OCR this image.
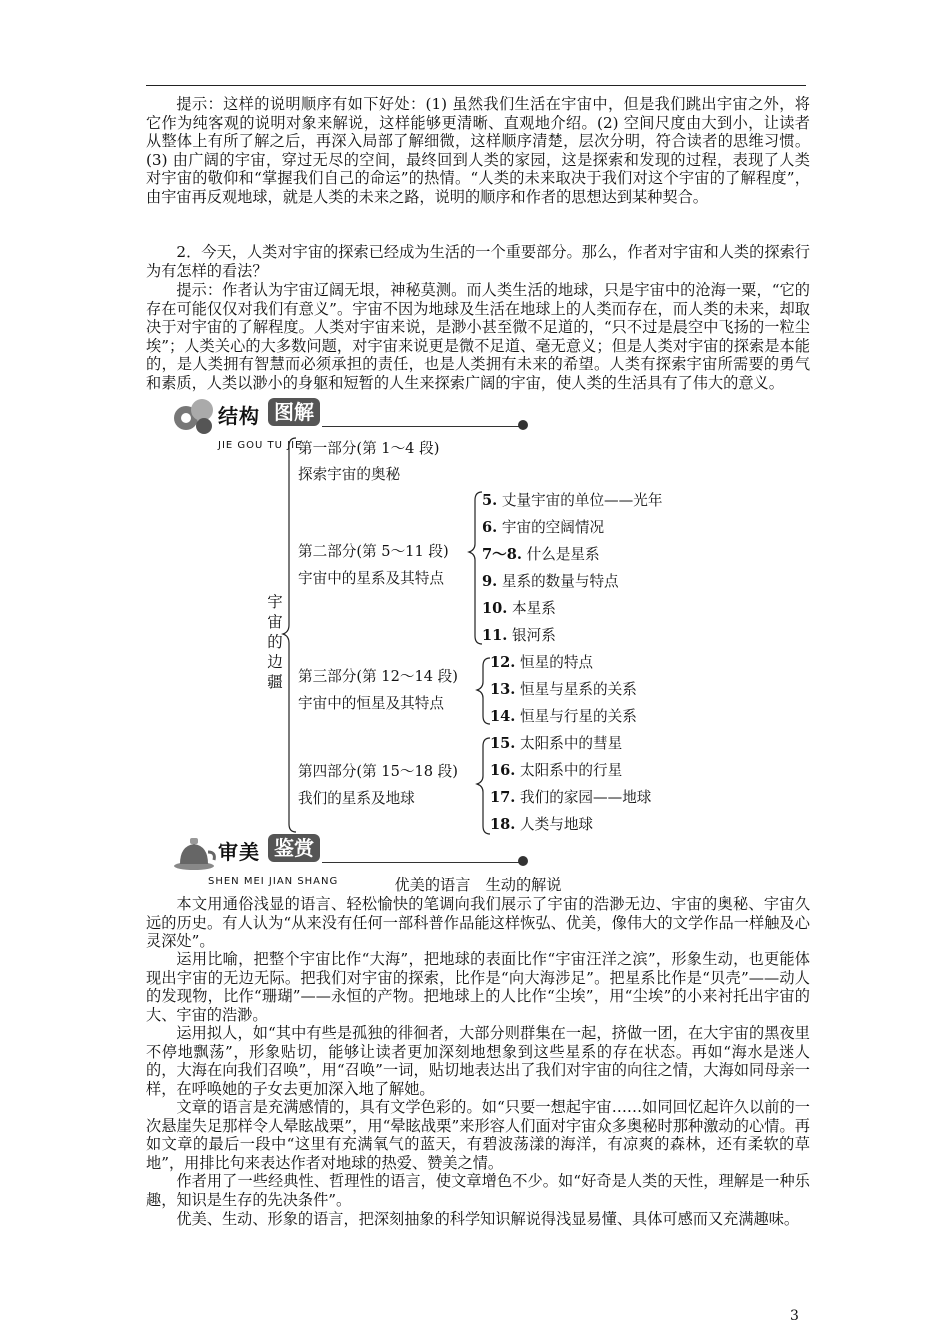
提示：这样的说明顺序有如下好处：(1) 虽然我们生活在宇宙中，但是我们跳出宇宙之外，将它作为纯客观的说明对象来解说，这样能够更清晰、直观地介绍。(2) 空间尺度由大到小，让读者从整体上有所了解之后，再深入局部了解细微，这样顺序清楚，层次分明，符合读者的思维习惯。(3) 由广阔的宇宙，穿过无尽的空间，最终回到人类的家园，这是探索和发现的过程，表现了人类对宇宙的敬仰和“掌握我们自己的命运”的热情。“人类的未来取决于我们对这个宇宙的了解程度”，由宇宙再反观地球，就是人类的未来之路，说明的顺序和作者的思想达到某种契合。

2．今天，人类对宇宙的探索已经成为生活的一个重要部分。那么，作者对宇宙和人类的探索行为有怎样的看法？

提示：作者认为宇宙辽阔无垠，神秘莫测。而人类生活的地球，只是宇宙中的沧海一粟，“它的存在可能仅仅对我们有意义”。宇宙不因为地球及生活在地球上的人类而存在，而人类的未来，却取决于对宇宙的了解程度。人类对宇宙来说，是渺小甚至微不足道的，“只不过是晨空中飞扬的一粒尘埃”；人类关心的大多数问题，对宇宙来说更是微不足道、毫无意义；但是人类对宇宙的探索是本能的，是人类拥有智慧而必须承担的责任，也是人类拥有未来的希望。人类有探索宇宙所需要的勇气和素质，人类以渺小的身躯和短暂的人生来探索广阔的宇宙，使人类的生活具有了伟大的意义。

结构 图解
JIE GOU TU JIE
宇宙的边疆
第一部分(第 1～4 段)
探索宇宙的奥秘
第二部分(第 5～11 段)
宇宙中的星系及其特点
5. 丈量宇宙的单位——光年
6. 宇宙的空阔情况
7～8. 什么是星系
9. 星系的数量与特点
10. 本星系
11. 银河系
第三部分(第 12～14 段)
宇宙中的恒星及其特点
12. 恒星的特点
13. 恒星与星系的关系
14. 恒星与行星的关系
第四部分(第 15～18 段)
我们的星系及地球
15. 太阳系中的彗星
16. 太阳系中的行星
17. 我们的家园——地球
18. 人类与地球
审美 鉴赏
SHEN MEI JIAN SHANG	优美的语言　生动的解说

本文用通俗浅显的语言、轻松愉快的笔调向我们展示了宇宙的浩渺无边、宇宙的奥秘、宇宙久远的历史。有人认为“从来没有任何一部科普作品能这样恢弘、优美，像伟大的文学作品一样触及心灵深处”。

运用比喻，把整个宇宙比作“大海”，把地球的表面比作“宇宙汪洋之滨”，形象生动，也更能体现出宇宙的无边无际。把我们对宇宙的探索，比作是“向大海涉足”。把星系比作是“贝壳”——动人的发现物，比作“珊瑚”——永恒的产物。把地球上的人比作“尘埃”，用“尘埃”的小来衬托出宇宙的大、宇宙的浩渺。

运用拟人，如“其中有些是孤独的徘徊者，大部分则群集在一起，挤做一团，在大宇宙的黑夜里不停地飘荡”，形象贴切，能够让读者更加深刻地想象到这些星系的存在状态。再如“海水是迷人的，大海在向我们召唤”，用“召唤”一词，贴切地表达出了我们对宇宙的向往之情，大海如同母亲一样，在呼唤她的子女去更加深入地了解她。

文章的语言是充满感情的，具有文学色彩的。如“只要一想起宇宙……如同回忆起许久以前的一次悬崖失足那样令人晕眩战栗”，用“晕眩战栗”来形容人们面对宇宙众多奥秘时那种激动的心情。再如文章的最后一段中“这里有充满氧气的蓝天，有碧波荡漾的海洋，有凉爽的森林，还有柔软的草地”，用排比句来表达作者对地球的热爱、赞美之情。

作者用了一些经典性、哲理性的语言，使文章增色不少。如“好奇是人类的天性，理解是一种乐趣，知识是生存的先决条件”。

优美、生动、形象的语言，把深刻抽象的科学知识解说得浅显易懂、具体可感而又充满趣味。

3
